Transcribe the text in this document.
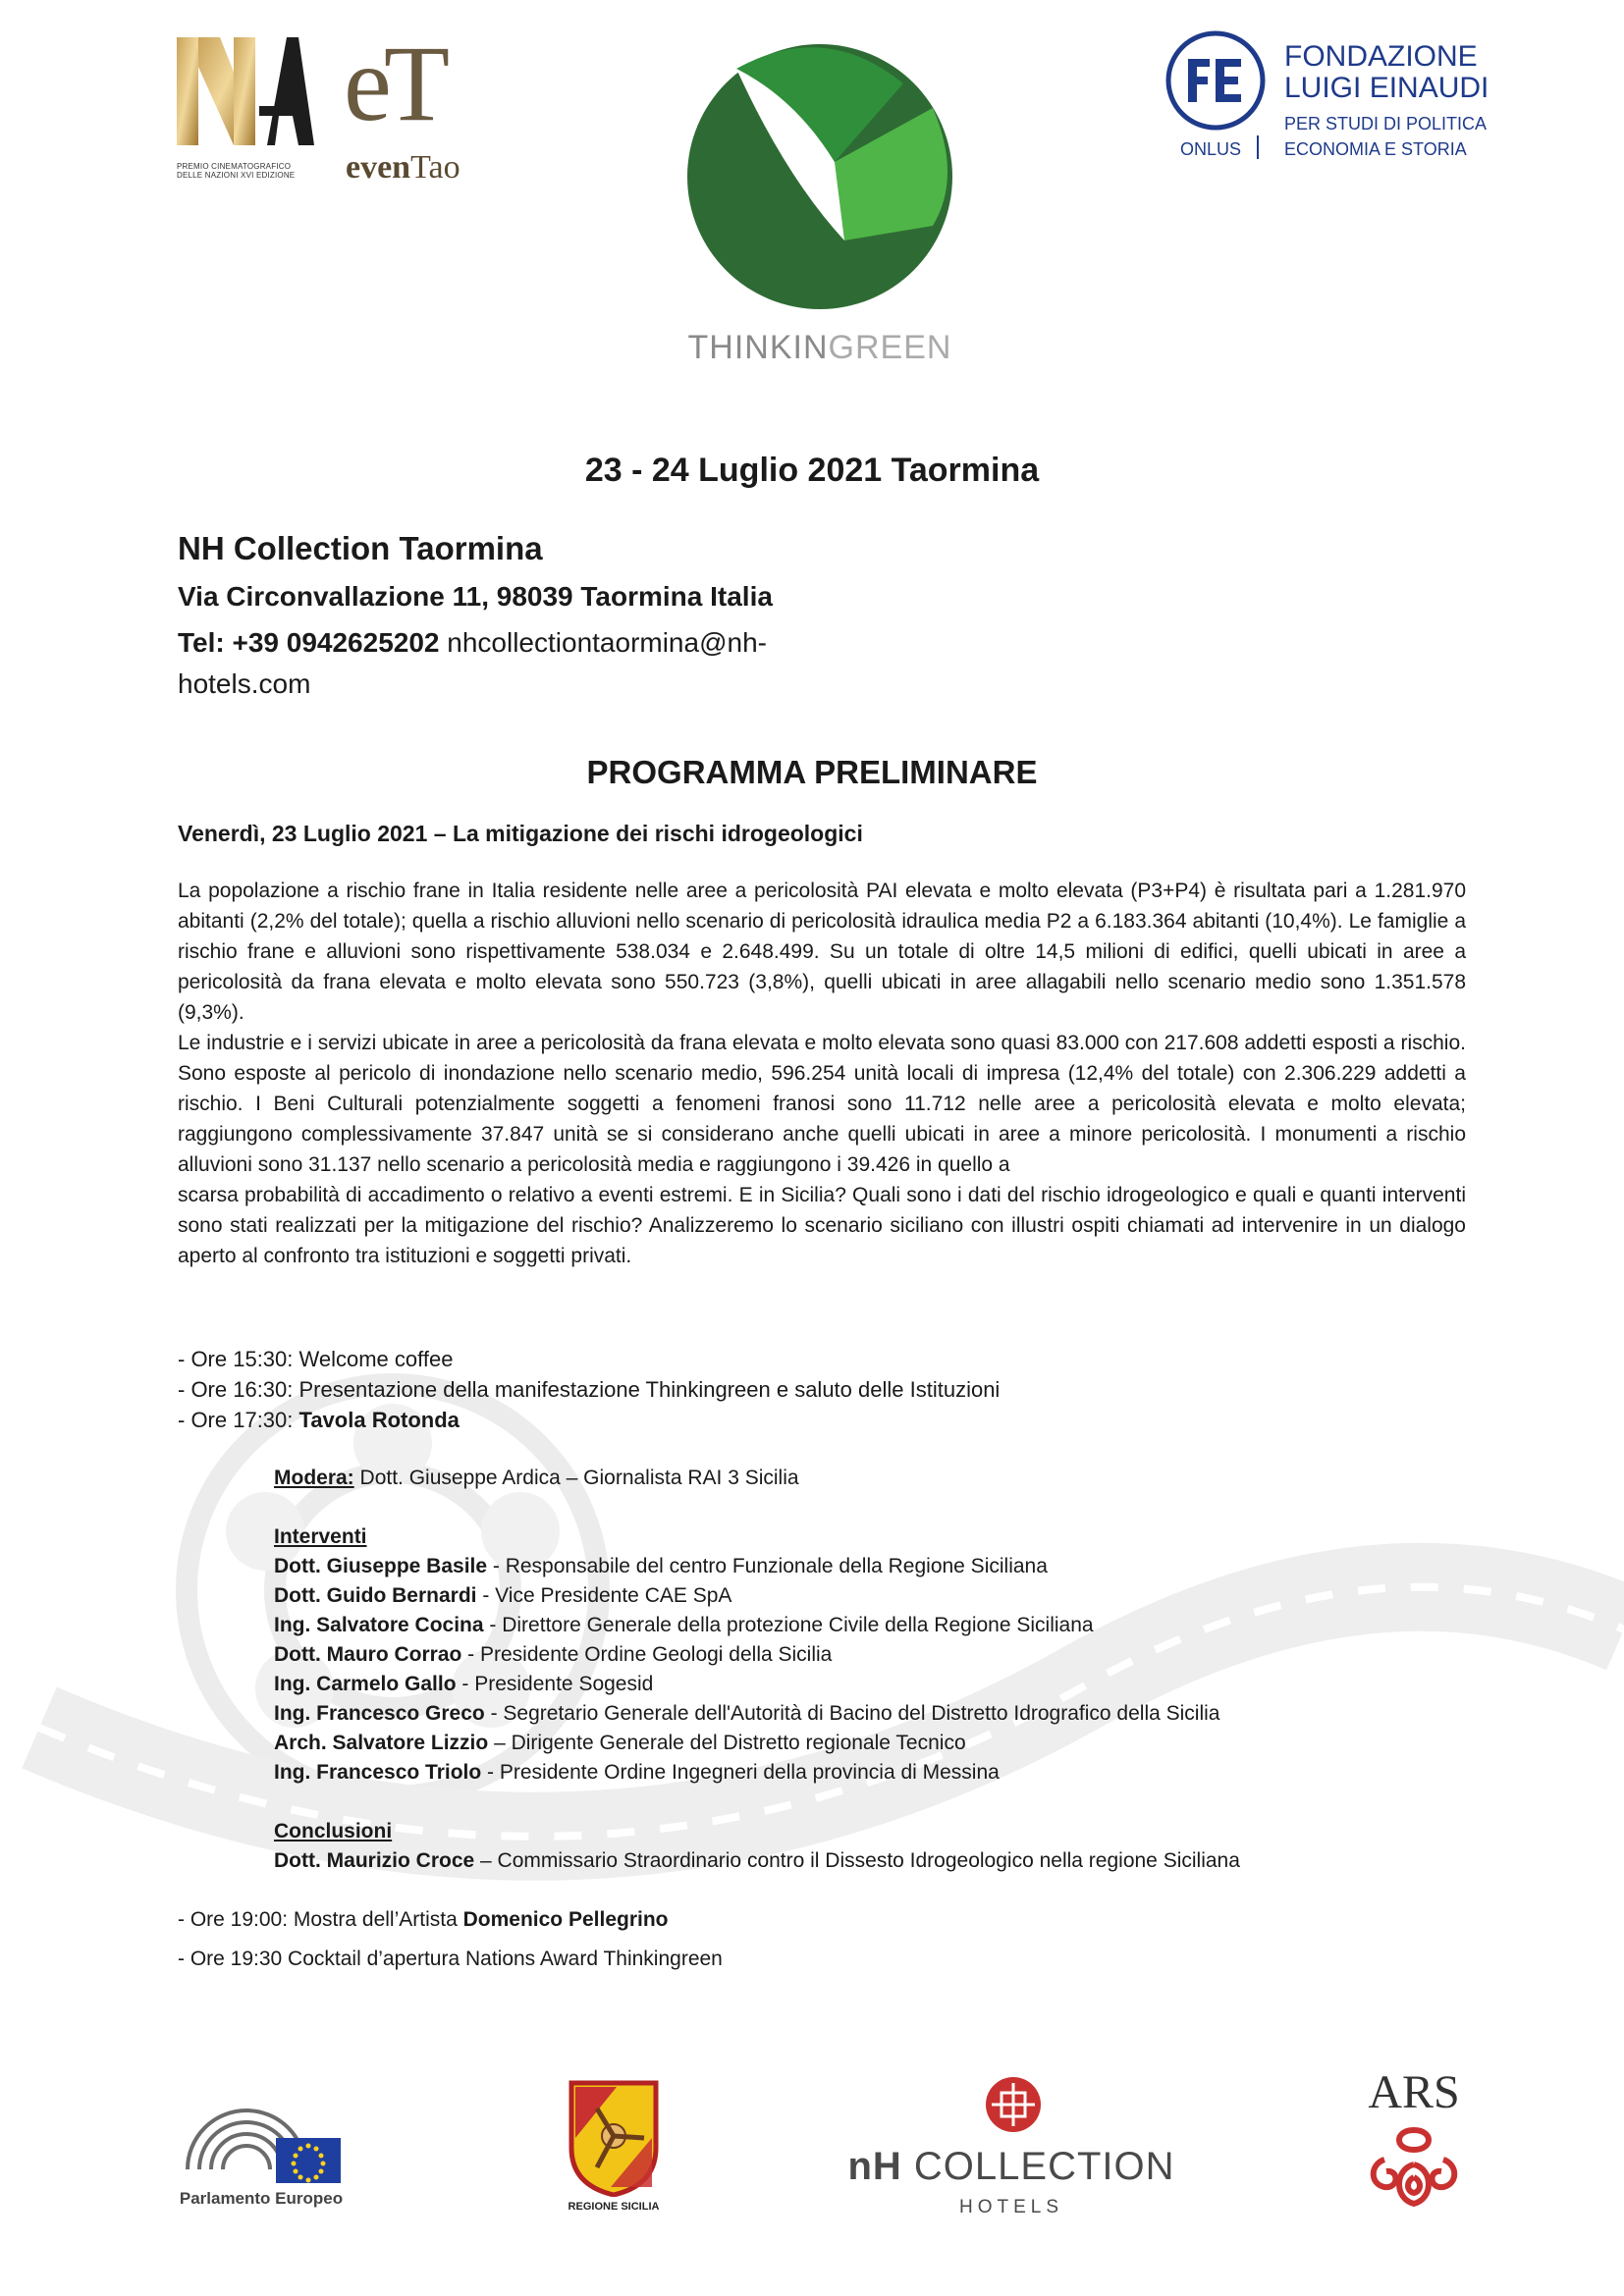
PREMIO CINEMATOGRAFICO DELLE NAZIONI XVI EDIZIONE
eT
evenTao
THINKINGREEN
FONDAZIONE
LUIGI EINAUDI
PER STUDI DI POLITICA
ONLUS ECONOMIA E STORIA
23 - 24 Luglio 2021 Taormina
NH Collection Taormina
Via Circonvallazione 11, 98039 Taormina Italia
Tel: +39 0942625202 nhcollectiontaormina@nh-hotels.com
PROGRAMMA PRELIMINARE
Venerdì, 23 Luglio 2021 – La mitigazione dei rischi idrogeologici

La popolazione a rischio frane in Italia residente nelle aree a pericolosità PAI elevata e molto elevata (P3+P4) è risultata pari a 1.281.970 abitanti (2,2% del totale); quella a rischio alluvioni nello scenario di pericolosità idraulica media P2 a 6.183.364 abitanti (10,4%). Le famiglie a rischio frane e alluvioni sono rispettivamente 538.034 e 2.648.499. Su un totale di oltre 14,5 milioni di edifici, quelli ubicati in aree a pericolosità da frana elevata e molto elevata sono 550.723 (3,8%), quelli ubicati in aree allagabili nello scenario medio sono 1.351.578 (9,3%).

Le industrie e i servizi ubicate in aree a pericolosità da frana elevata e molto elevata sono quasi 83.000 con 217.608 addetti esposti a rischio. Sono esposte al pericolo di inondazione nello scenario medio, 596.254 unità locali di impresa (12,4% del totale) con 2.306.229 addetti a rischio. I Beni Culturali potenzialmente soggetti a fenomeni franosi sono 11.712 nelle aree a pericolosità elevata e molto elevata; raggiungono complessivamente 37.847 unità se si considerano anche quelli ubicati in aree a minore pericolosità. I monumenti a rischio alluvioni sono 31.137 nello scenario a pericolosità media e raggiungono i 39.426 in quello a

scarsa probabilità di accadimento o relativo a eventi estremi. E in Sicilia? Quali sono i dati del rischio idrogeologico e quali e quanti interventi sono stati realizzati per la mitigazione del rischio? Analizzeremo lo scenario siciliano con illustri ospiti chiamati ad intervenire in un dialogo aperto al confronto tra istituzioni e soggetti privati.

- Ore 15:30: Welcome coffee
- Ore 16:30: Presentazione della manifestazione Thinkingreen e saluto delle Istituzioni
- Ore 17:30: Tavola Rotonda
Modera: Dott. Giuseppe Ardica – Giornalista RAI 3 Sicilia
Interventi
Dott. Giuseppe Basile - Responsabile del centro Funzionale della Regione Siciliana
Dott. Guido Bernardi - Vice Presidente CAE SpA
Ing. Salvatore Cocina - Direttore Generale della protezione Civile della Regione Siciliana
Dott. Mauro Corrao - Presidente Ordine Geologi della Sicilia
Ing. Carmelo Gallo - Presidente Sogesid
Ing. Francesco Greco - Segretario Generale dell'Autorità di Bacino del Distretto Idrografico della Sicilia
Arch. Salvatore Lizzio – Dirigente Generale del Distretto regionale Tecnico
Ing. Francesco Triolo - Presidente Ordine Ingegneri della provincia di Messina
Conclusioni
Dott. Maurizio Croce – Commissario Straordinario contro il Dissesto Idrogeologico nella regione Siciliana
- Ore 19:00: Mostra dell’Artista Domenico Pellegrino
- Ore 19:30 Cocktail d’apertura Nations Award Thinkingreen
Parlamento Europeo	REGIONE SICILIA
nH COLLECTION
HOTELS
ARS
